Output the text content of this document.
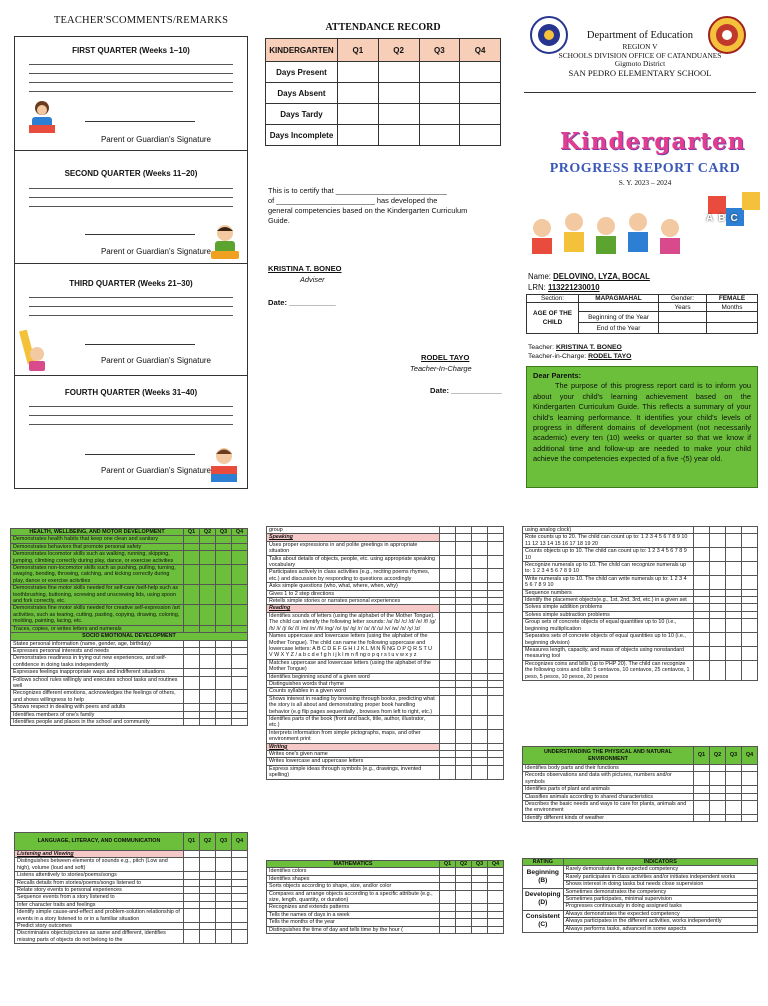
TEACHER'SCOMMENTS/REMARKS
FIRST QUARTER (Weeks 1–10)
Parent or Guardian's Signature
SECOND QUARTER (Weeks 11–20)
Parent or Guardian's Signature
THIRD QUARTER (Weeks 21–30)
Parent or Guardian's Signature
FOURTH QUARTER (Weeks 31–40)
Parent or Guardian's Signature
ATTENDANCE RECORD
KINDERGARTEN	Q1	Q2	Q3	Q4
Days Present				
Days Absent				
Days Tardy				
Days Incomplete				
This is to certify that ___________________________
of ________________________ has developed the
general competencies based on the Kindergarten Curriculum
Guide.
KRISTINA T. BONEO
Adviser
Date: ___________
RODEL TAYO
Teacher-In-Charge
Date: ____________
Department of Education
REGION V
SCHOOLS DIVISION OFFICE OF CATANDUANES
Gigmoto District
SAN PEDRO ELEMENTARY SCHOOL
Kindergarten
PROGRESS REPORT CARD
S. Y. 2023 – 2024
ABC
Name: DELOVINO, LYZA, BOCAL
LRN: 113221230010
Section:	MAPAGMAHAL	Gender:	FEMALE
AGE OF THE CHILD		Years	Months
	Beginning of the Year		
	End of the Year		
Teacher: KRISTINA T. BONEO
Teacher-in-Charge: RODEL TAYO
Dear Parents:
The purpose of this progress report card is to inform you about your child's learning achievement based on the Kindergarten Curriculum Guide. This reflects a summary of your child's learning performance. It identifies your child's levels of progress in different domains of development (not necessarily academic) every ten (10) weeks or quarter so that we know if additional time and follow-up are needed to make your child achieve the competencies expected of a five -(5) year old.
HEALTH, WELLBEING, AND MOTOR DEVELOPMENT	Q1	Q2	Q3	Q4
Demonstrates health habits that keep one clean and sanitary				
Demonstrates behaviors that promote personal safety				
Demonstrates locomotor skills such as walking, running, skipping, jumping, climbing correctly during play, dance, or exercise activities				
Demonstrates non-locomotor skills such as pushing, pulling, turning, swaying, bending, throwing, catching, and kicking correctly during play, dance or exercise activities				
Demonstrates fine motor skills needed for self-care /self-help such as toothbrushing, buttoning, screwing and unscrewing lids, using spoon and fork correctly, etc.				
Demonstrates fine motor skills needed for creative self-expression /art activities, such as tearing, cutting, pasting, copying, drawing, coloring, molding, painting, lacing, etc.				
Traces, copies, or writes letters and numerals				
SOCIO EMOTIONAL DEVELOPMENT				
States personal information (name, gender, age, birthday)				
Expresses personal interests and needs				
Demonstrates readiness in trying out new experiences, and self-confidence in doing tasks independently				
Expresses feelings inappropriate ways and indifferent situations				
Follows school rules willingly and executes school tasks and routines well				
Recognizes different emotions, acknowledges the feelings of others, and shows willingness to help				
Shows respect in dealing with peers and adults				
Identifies members of one's family				
Identifies people and places in the school and community				
LANGUAGE, LITERACY, AND COMMUNICATION	Q1	Q2	Q3	Q4
Listening and Viewing				
Distinguishes between elements of sounds e.g., pitch (Low and high), volume (loud and soft)				
Listens attentively to stories/poems/songs				
Recalls details from stories/poems/songs listened to				
Relate story events to personal experiences				
Sequence events from a story listened to				
Infer character traits and feelings				
Identify simple cause-and-effect and problem-solution relationship of events in a story listened to or in a familiar situation				
Predict story outcomes				
Discriminates objects/pictures as same and different, identifies missing parts of objects do not belong to the				
group				
Speaking				
Uses proper expressions in and polite greetings in appropriate situation				
Talks about details of objects, people, etc. using appropriate speaking vocabulary				
Participates actively in class activities (e.g., reciting poems rhymes, etc.) and discussion by responding to questions accordingly				
Asks simple questions (who, what, where, when, why)				
Gives 1 to 2 step directions				
Retells simple stories or narrates personal experiences				
Reading				
Identifies sounds of letters (using the alphabet of the Mother Tongue). The child can identify the following letter sounds: /a/ /b/ /c/ /d/ /e/ /f/ /g/ /h/ /i/ /j/ /k/ /l/ /m/ /n/ /ñ/ /ng/ /o/ /p/ /q/ /r/ /s/ /t/ /u/ /v/ /w/ /x/ /y/ /z/				
Names uppercase and lowercase letters (using the alphabet of the Mother Tongue). The child can name the following uppercase and lowercase letters: A B C D E F G H I J K L M N Ñ NG O P Q R S T U V W X Y Z / a b c d e f g h i j k l m n ñ ng o p q r s t u v w x y z				
Matches uppercase and lowercase letters (using the alphabet of the Mother Tongue)				
Identifies beginning sound of a given word				
Distinguishes words that rhyme				
Counts syllables in a given word				
Shows interest in reading by browsing through books, predicting what the story is all about and demonstrating proper book handling behavior (e.g flip pages sequentially , browses from left to right, etc.)				
Identifies parts of the book (front and back, title, author, illustrator, etc.)				
Interprets information from simple pictographs, maps, and other environment print				
Writing				
Writes one's given name				
Writes lowercase and uppercase letters				
Express simple ideas through symbols (e.g., drawings, invented spelling)				
MATHEMATICS	Q1	Q2	Q3	Q4
Identifies colors				
Identifies shapes				
Sorts objects according to shape, size, and/or color				
Compares and arrange objects according to a specific attribute (e.g., size, length, quantity, or duration)				
Recognizes and extends patterns				
Tells the names of days in a week				
Tells the months of the year				
Distinguishes the time of day and tells time by the hour (				
using analog clock)				
Rote counts up to 20. The child can count up to: 1 2 3 4 5 6 7 8 9 10 11 12 13 14 15 16 17 18 19 20				
Counts objects up to 10. The child can count up to: 1 2 3 4 5 6 7 8 9 10				
Recognize numerals up to 10. The child can recognize numerals up to: 1 2 3 4 5 6 7 8 9 10				
Write numerals up to 10. The child can write numerals up to: 1 2 3 4 5 6 7 8 9 10				
Sequence numbers				
Identify the placement objects(e.g., 1st, 2nd, 3rd, etc.) in a given set				
Solves simple addition problems				
Solves simple subtraction problems				
Group sets of concrete objects of equal quantities up to 10 (i.e., beginning multiplication				
Separates sets of concrete objects of equal quantities up to 10 (i.e., beginning division)				
Measures length, capacity, and mass of objects using nonstandard measuring tool				
Recognizes coins and bills (up to PHP 20). The child can recognize the following coins and bills: 5 centavos, 10 centavos, 25 centavos, 1 peso, 5 pesos, 10 pesos, 20 pesos				
UNDERSTANDING THE PHYSICAL AND NATURAL ENVIRONMENT	Q1	Q2	Q3	Q4
Identifies body parts and their functions				
Records observations and data with pictures, numbers and/or symbols				
Identifies parts of plant and animals				
Classifies animals according to shared characteristics				
Describes the basic needs and ways to care for plants, animals and the environment				
Identify different kinds of weather				
RATING	INDICATORS
Beginning (B)	Rarely demonstrates the expected competency
	Rarely participates in class activities and/or initiates independent works
	Shows interest in doing tasks but needs close supervision
Developing (D)	Sometimes demonstrates the competency
	Sometimes participates, minimal supervision
	Progresses continuously in doing assigned tasks
Consistent (C)	Always demonstrates the expected competency
	Always participates in the different activities, works independently
	Always performs tasks, advanced in some aspects
